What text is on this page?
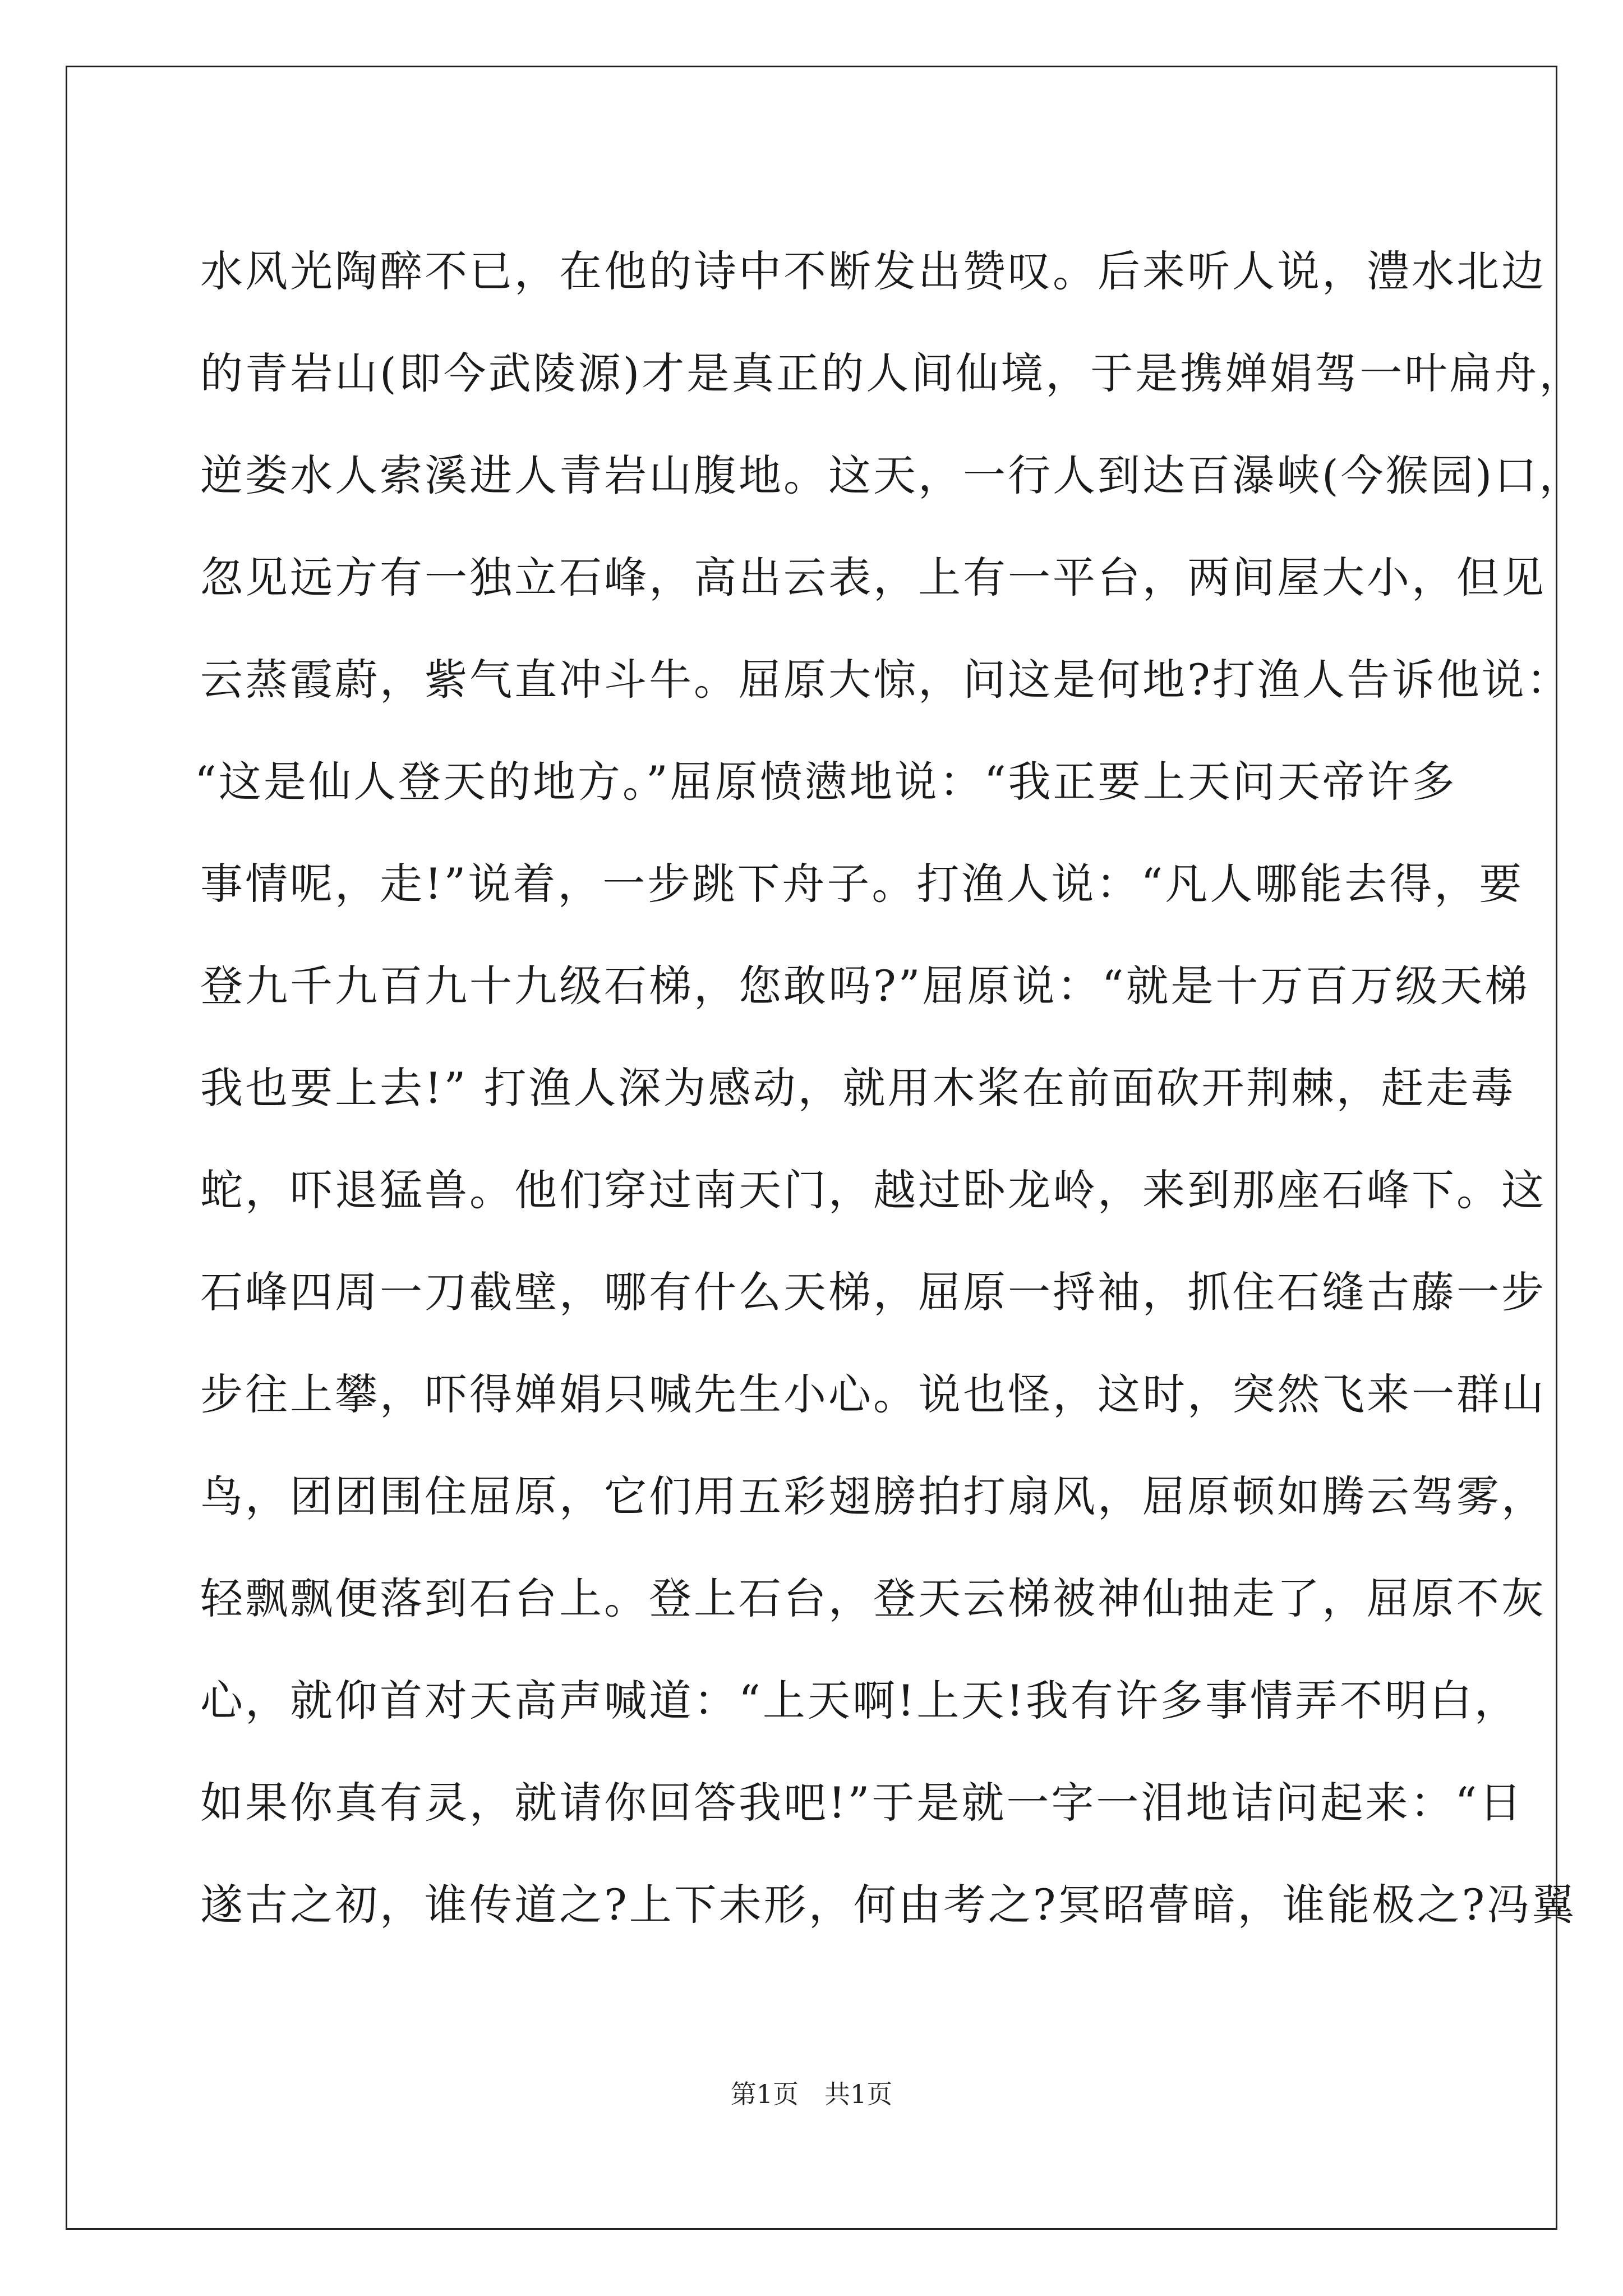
水风光陶醉不已，在他的诗中不断发出赞叹。后来听人说，澧水北边
的青岩山(即今武陵源)才是真正的人间仙境，于是携婵娟驾一叶扁舟，
逆娄水人索溪进人青岩山腹地。这天，一行人到达百瀑峡(今猴园)口，
忽见远方有一独立石峰，高出云表，上有一平台，两间屋大小，但见
云蒸霞蔚，紫气直冲斗牛。屈原大惊，问这是何地?打渔人告诉他说：
“这是仙人登天的地方。”屈原愤懑地说：“我正要上天问天帝许多
事情呢，走!”说着，一步跳下舟子。打渔人说：“凡人哪能去得，要
登九千九百九十九级石梯，您敢吗?”屈原说：“就是十万百万级天梯
我也要上去!” 打渔人深为感动，就用木桨在前面砍开荆棘，赶走毒
蛇，吓退猛兽。他们穿过南天门，越过卧龙岭，来到那座石峰下。这
石峰四周一刀截壁，哪有什么天梯，屈原一捋袖，抓住石缝古藤一步
步往上攀，吓得婵娟只喊先生小心。说也怪，这时，突然飞来一群山
鸟，团团围住屈原，它们用五彩翅膀拍打扇风，屈原顿如腾云驾雾，
轻飘飘便落到石台上。登上石台，登天云梯被神仙抽走了，屈原不灰
心，就仰首对天高声喊道：“上天啊!上天!我有许多事情弄不明白，
如果你真有灵，就请你回答我吧!”于是就一字一泪地诘问起来：“日
遂古之初，谁传道之?上下未形，何由考之?冥昭瞢暗，谁能极之?冯翼
第1页　共1页
